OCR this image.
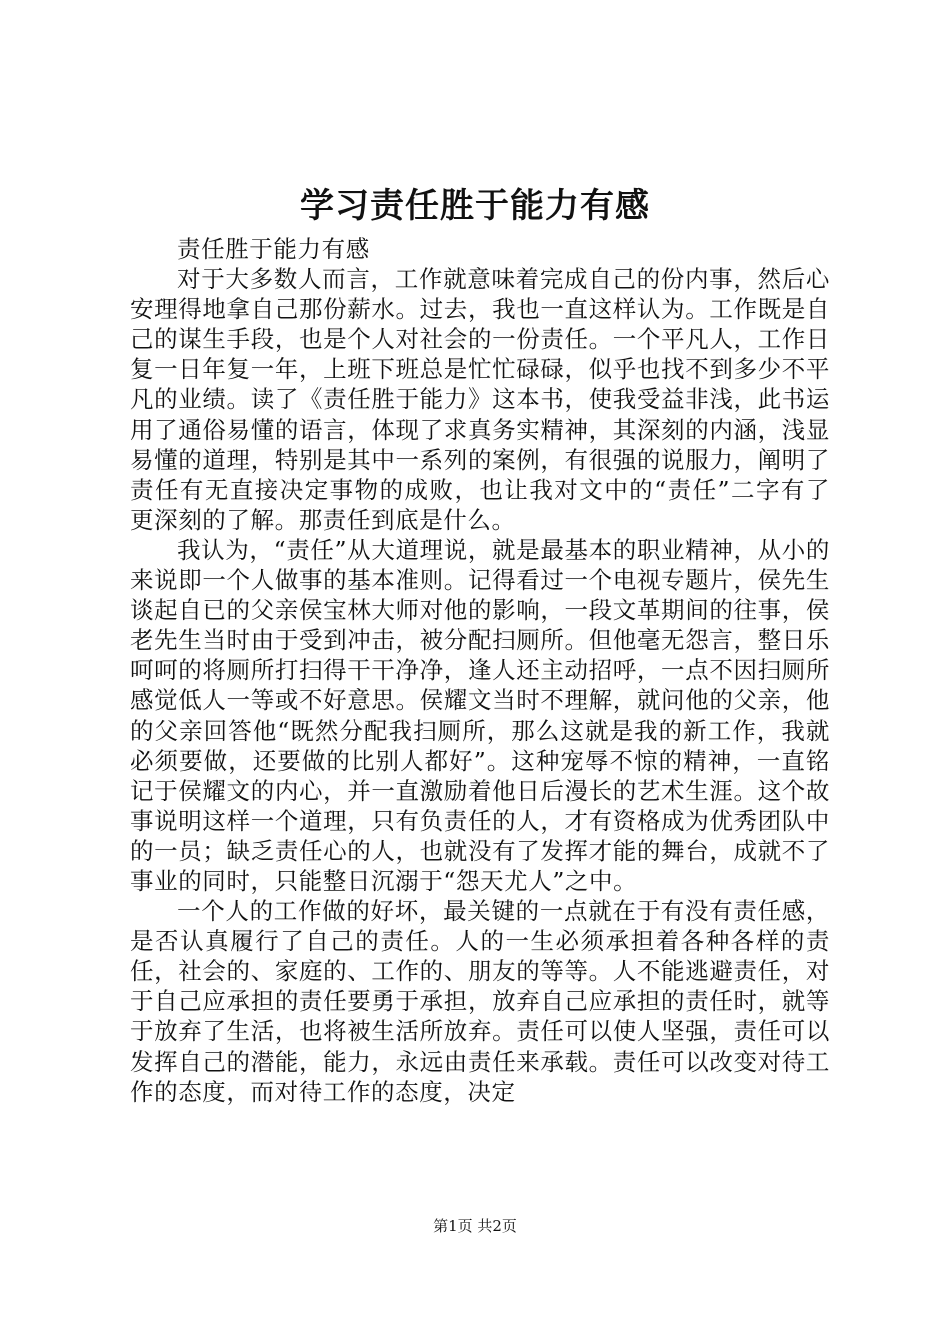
学习责任胜于能力有感

责任胜于能力有感

对于大多数人而言，工作就意味着完成自己的份内事，然后心安理得地拿自己那份薪水。过去，我也一直这样认为。工作既是自己的谋生手段，也是个人对社会的一份责任。一个平凡人，工作日复一日年复一年，上班下班总是忙忙碌碌，似乎也找不到多少不平凡的业绩。读了《责任胜于能力》这本书，使我受益非浅，此书运用了通俗易懂的语言，体现了求真务实精神，其深刻的内涵，浅显易懂的道理，特别是其中一系列的案例，有很强的说服力，阐明了责任有无直接决定事物的成败，也让我对文中的“责任”二字有了更深刻的了解。那责任到底是什么。

我认为，“责任”从大道理说，就是最基本的职业精神，从小的来说即一个人做事的基本准则。记得看过一个电视专题片，侯先生谈起自已的父亲侯宝林大师对他的影响，一段文革期间的往事，侯老先生当时由于受到冲击，被分配扫厕所。但他毫无怨言，整日乐呵呵的将厕所打扫得干干净净，逢人还主动招呼，一点不因扫厕所感觉低人一等或不好意思。侯耀文当时不理解，就问他的父亲，他的父亲回答他“既然分配我扫厕所，那么这就是我的新工作，我就必须要做，还要做的比别人都好”。这种宠辱不惊的精神，一直铭记于侯耀文的内心，并一直激励着他日后漫长的艺术生涯。这个故事说明这样一个道理，只有负责任的人，才有资格成为优秀团队中的一员；缺乏责任心的人，也就没有了发挥才能的舞台，成就不了事业的同时，只能整日沉溺于“怨天尤人”之中。

一个人的工作做的好坏，最关键的一点就在于有没有责任感，是否认真履行了自己的责任。人的一生必须承担着各种各样的责任，社会的、家庭的、工作的、朋友的等等。人不能逃避责任，对于自己应承担的责任要勇于承担，放弃自己应承担的责任时，就等于放弃了生活，也将被生活所放弃。责任可以使人坚强，责任可以发挥自己的潜能，能力，永远由责任来承载。责任可以改变对待工作的态度，而对待工作的态度，决定

第1页 共2页
